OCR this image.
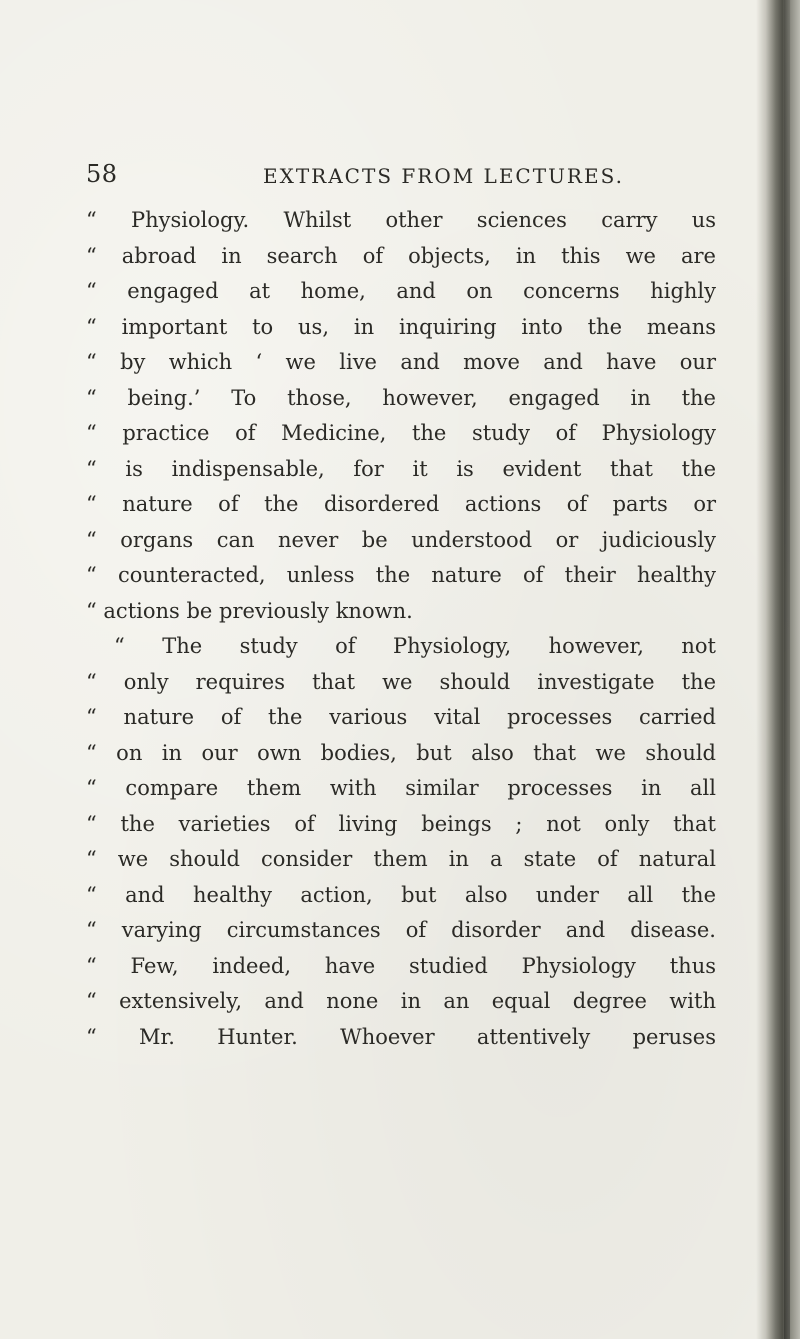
58	EXTRACTS FROM LECTURES.
“ Physiology. Whilst other sciences carry us
“ abroad in search of objects, in this we are
“ engaged at home, and on concerns highly
“ important to us, in inquiring into the means
“ by which ‘ we live and move and have our
“ being.’ To those, however, engaged in the
“ practice of Medicine, the study of Physiology
“ is indispensable, for it is evident that the
“ nature of the disordered actions of parts or
“ organs can never be understood or judiciously
“ counteracted, unless the nature of their healthy
“ actions be previously known.
“ The study of Physiology, however, not
“ only requires that we should investigate the
“ nature of the various vital processes carried
“ on in our own bodies, but also that we should
“ compare them with similar processes in all
“ the varieties of living beings ; not only that
“ we should consider them in a state of natural
“ and healthy action, but also under all the
“ varying circumstances of disorder and disease.
“ Few, indeed, have studied Physiology thus
“ extensively, and none in an equal degree with
“ Mr. Hunter. Whoever attentively peruses
